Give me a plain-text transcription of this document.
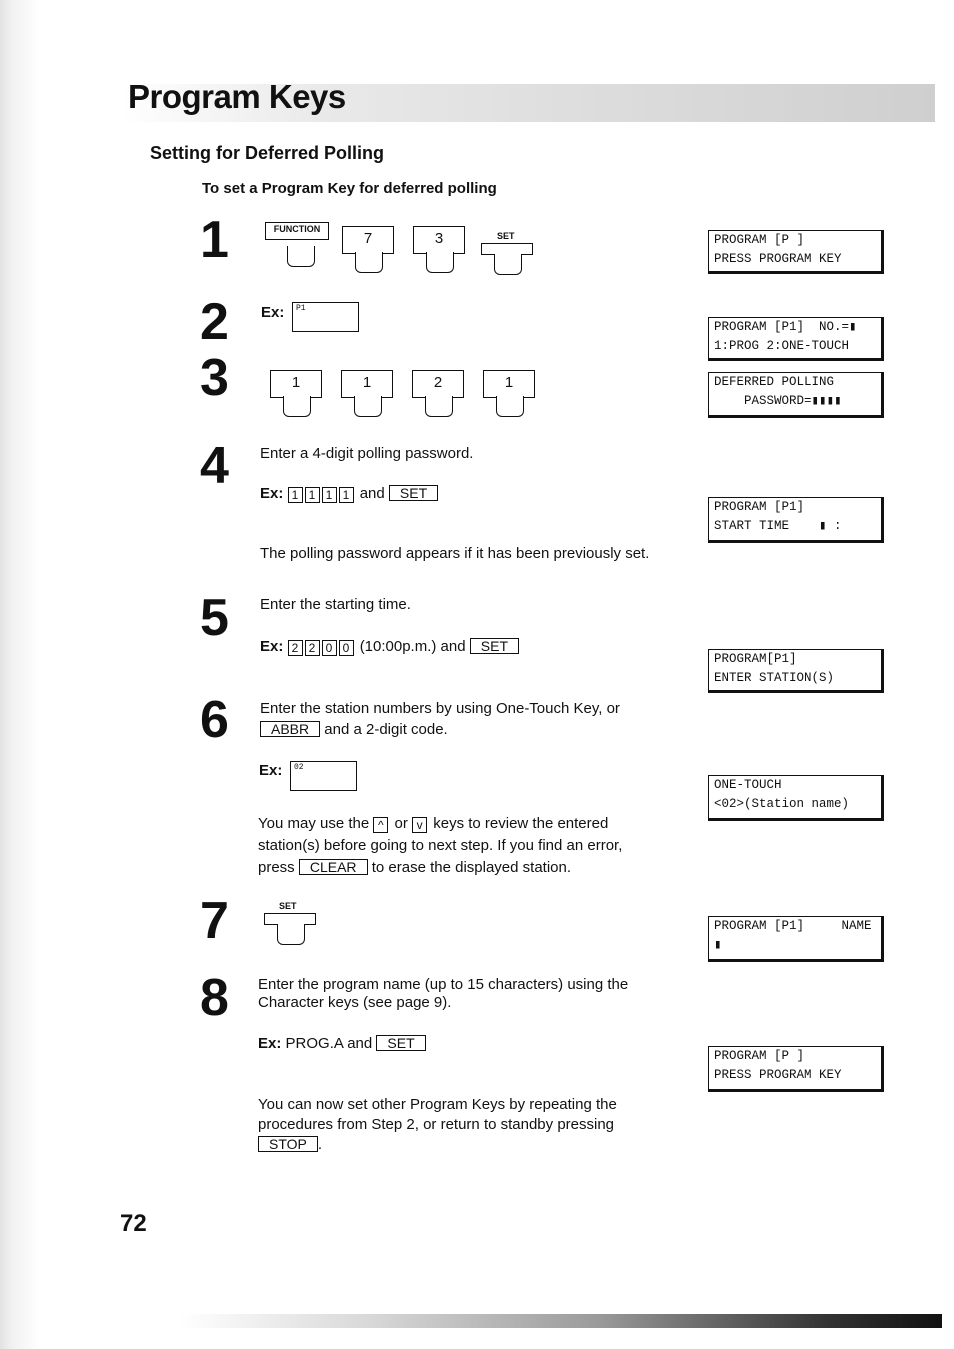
Program Keys
Setting for Deferred Polling
To set a Program Key for deferred polling
1	FUNCTION
7	3	SET
2 Ex: P1
3	1	1	2	1
4 Enter a 4-digit polling password.
Ex: 1 1 1 1 and SET
The polling password appears if it has been previously set.
5 Enter the starting time.
Ex: 2 2 0 0 (10:00p.m.) and SET
6 Enter the station numbers by using One-Touch Key, or
ABBR and a 2-digit code.
Ex: 02
You may use the ^ or v keys to review the entered
station(s) before going to next step. If you find an error,
press CLEAR to erase the displayed station.
7	SET
8 Enter the program name (up to 15 characters) using the
Character keys (see page 9).
Ex: PROG.A and SET
You can now set other Program Keys by repeating the
procedures from Step 2, or return to standby pressing
STOP .
PROGRAM [P ]
PRESS PROGRAM KEY
PROGRAM [P1]  NO.=▮
1:PROG 2:ONE-TOUCH
DEFERRED POLLING
PASSWORD=▮▮▮▮
PROGRAM [P1]
START TIME    ▮ :
PROGRAM[P1]
ENTER STATION(S)
ONE-TOUCH
<02>(Station name)
PROGRAM [P1]     NAME
▮
PROGRAM [P ]
PRESS PROGRAM KEY
72
